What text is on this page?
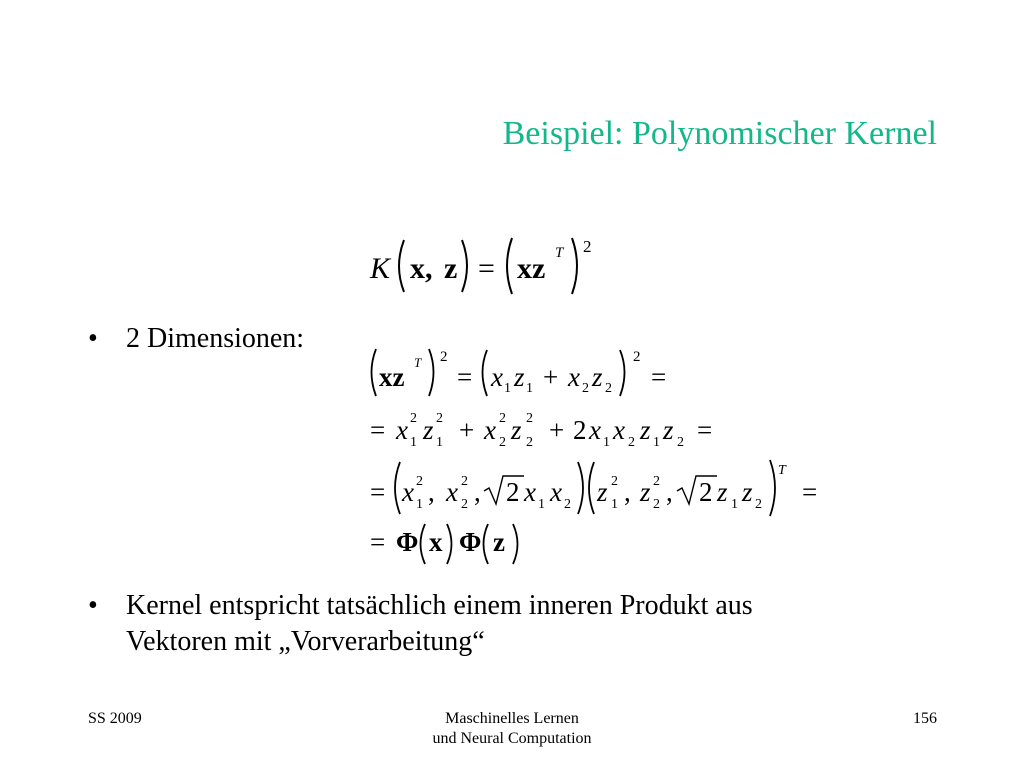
Beispiel: Polynomischer Kernel
K x, z = xz T 2
• 2 Dimensionen:
xz T 2
= x 1 z 1 + x 2 z 2
2
=
= x 2
1 z 2
1 + x 2
2 z 2
2 + 2 x 1 x 2 z 1 z 2 =
= x 2
1 , x 2
2 , 2 x 1 x 2 z 2
1 , z 2
2 , 2 z 1 z 2
T
=
= Φ x Φ z
• Kernel entspricht tatsächlich einem inneren Produkt aus
Vektoren mit „Vorverarbeitung“
SS 2009	Maschinelles Lernen
und Neural Computation
156
